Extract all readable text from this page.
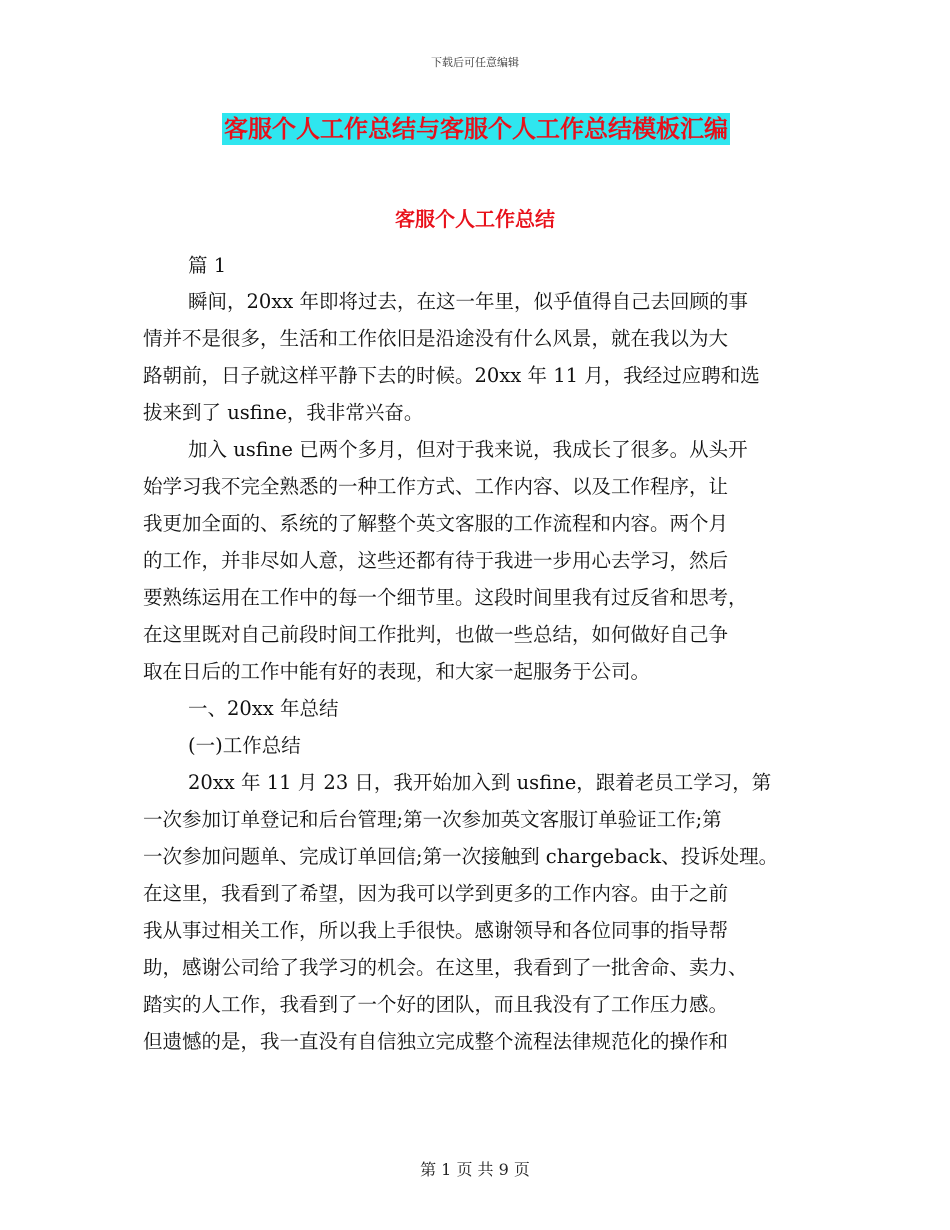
下载后可任意编辑
客服个人工作总结与客服个人工作总结模板汇编
客服个人工作总结
篇 1
瞬间，20xx 年即将过去，在这一年里，似乎值得自己去回顾的事
情并不是很多，生活和工作依旧是沿途没有什么风景，就在我以为大
路朝前，日子就这样平静下去的时候。20xx 年 11 月，我经过应聘和选
拔来到了 usfine，我非常兴奋。
加入 usfine 已两个多月，但对于我来说，我成长了很多。从头开
始学习我不完全熟悉的一种工作方式、工作内容、以及工作程序，让
我更加全面的、系统的了解整个英文客服的工作流程和内容。两个月
的工作，并非尽如人意，这些还都有待于我进一步用心去学习，然后
要熟练运用在工作中的每一个细节里。这段时间里我有过反省和思考，
在这里既对自己前段时间工作批判，也做一些总结，如何做好自己争
取在日后的工作中能有好的表现，和大家一起服务于公司。
一、20xx 年总结
(一)工作总结
20xx 年 11 月 23 日，我开始加入到 usfine，跟着老员工学习，第
一次参加订单登记和后台管理;第一次参加英文客服订单验证工作;第
一次参加问题单、完成订单回信;第一次接触到 chargeback、投诉处理。
在这里，我看到了希望，因为我可以学到更多的工作内容。由于之前
我从事过相关工作，所以我上手很快。感谢领导和各位同事的指导帮
助，感谢公司给了我学习的机会。在这里，我看到了一批舍命、卖力、
踏实的人工作，我看到了一个好的团队，而且我没有了工作压力感。
但遗憾的是，我一直没有自信独立完成整个流程法律规范化的操作和
第 1 页 共 9 页
